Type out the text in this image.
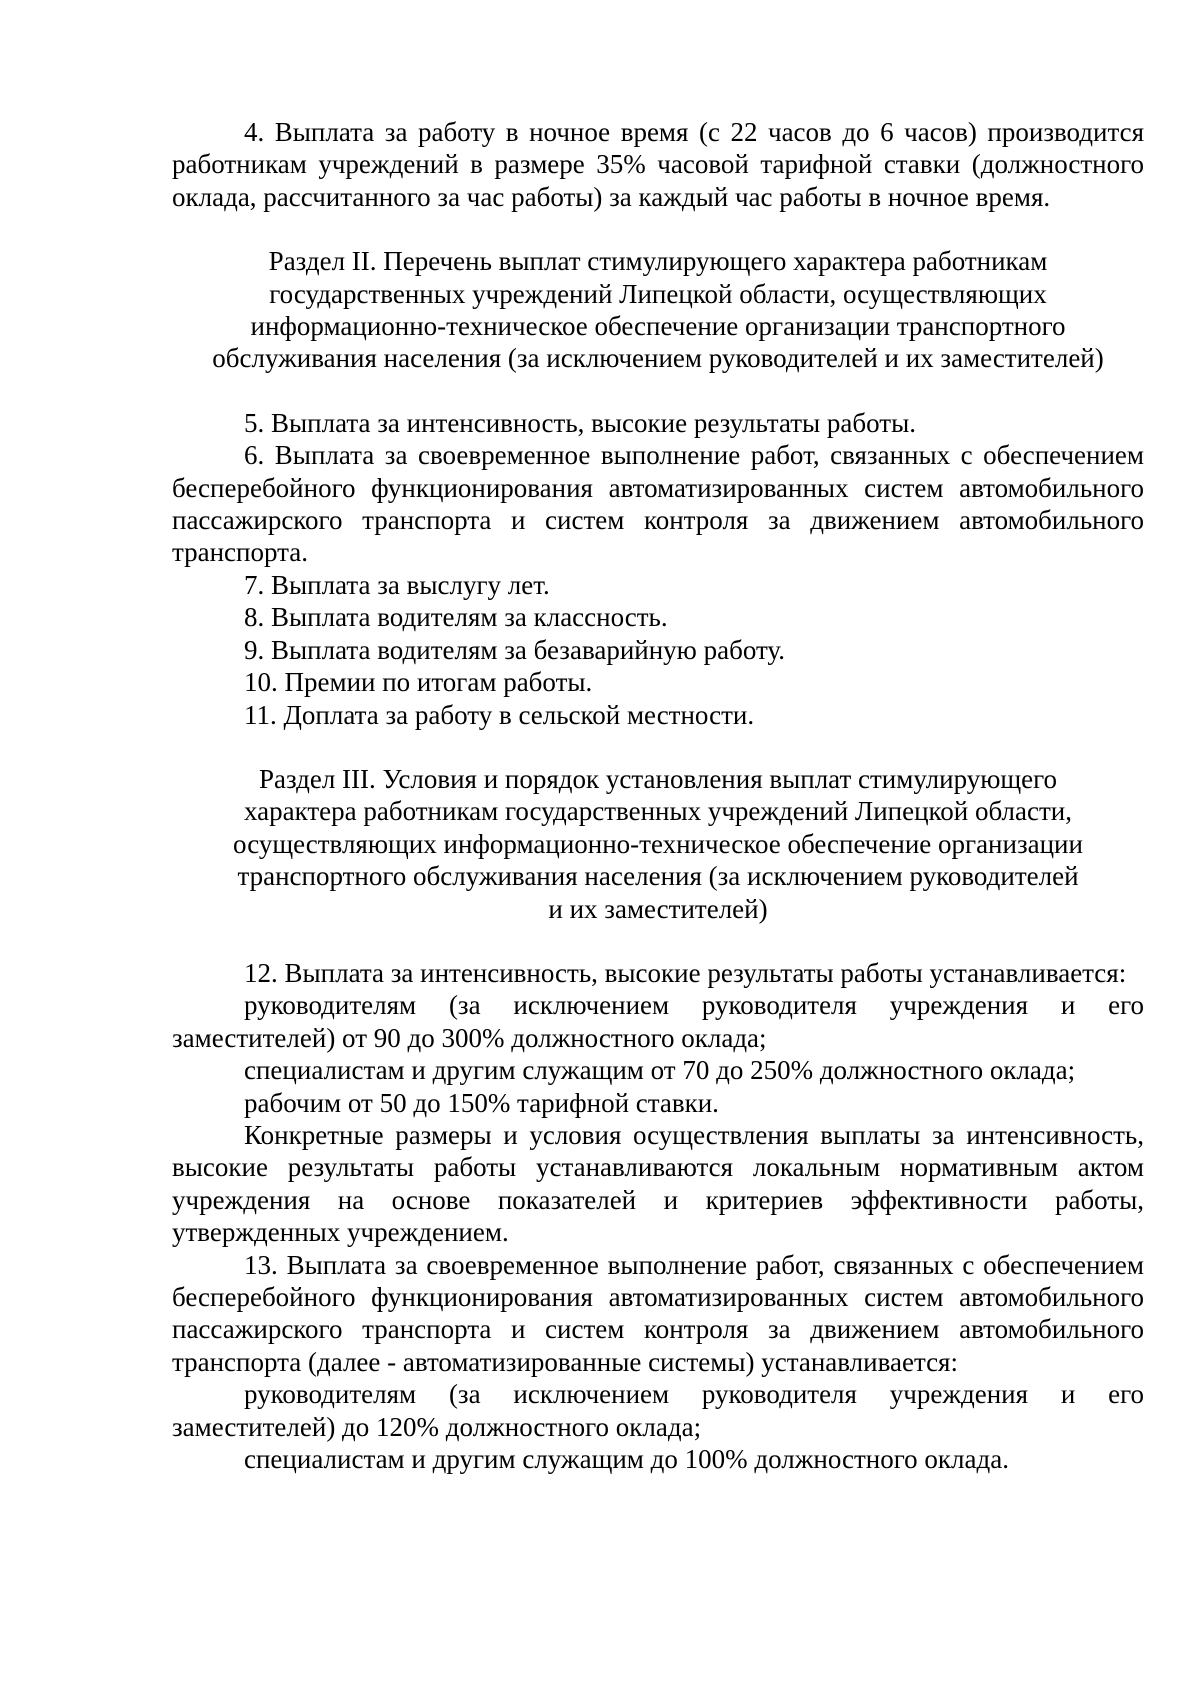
4. Выплата за работу в ночное время (с 22 часов до 6 часов) производится работникам учреждений в размере 35% часовой тарифной ставки (должностного оклада, рассчитанного за час работы) за каждый час работы в ночное время.

Раздел II. Перечень выплат стимулирующего характера работникам
государственных учреждений Липецкой области, осуществляющих
информационно-техническое обеспечение организации транспортного
обслуживания населения (за исключением руководителей и их заместителей)

5. Выплата за интенсивность, высокие результаты работы.

6. Выплата за своевременное выполнение работ, связанных с обеспечением бесперебойного функционирования автоматизированных систем автомобильного пассажирского транспорта и систем контроля за движением автомобильного транспорта.

7. Выплата за выслугу лет.

8. Выплата водителям за классность.

9. Выплата водителям за безаварийную работу.

10. Премии по итогам работы.

11. Доплата за работу в сельской местности.

Раздел III. Условия и порядок установления выплат стимулирующего
характера работникам государственных учреждений Липецкой области,
осуществляющих информационно-техническое обеспечение организации
транспортного обслуживания населения (за исключением руководителей
и их заместителей)

12. Выплата за интенсивность, высокие результаты работы устанавливается:

руководителям (за исключением руководителя учреждения и его заместителей) от 90 до 300% должностного оклада;

специалистам и другим служащим от 70 до 250% должностного оклада;

рабочим от 50 до 150% тарифной ставки.

Конкретные размеры и условия осуществления выплаты за интенсивность, высокие результаты работы устанавливаются локальным нормативным актом учреждения на основе показателей и критериев эффективности работы, утвержденных учреждением.

13. Выплата за своевременное выполнение работ, связанных с обеспечением бесперебойного функционирования автоматизированных систем автомобильного пассажирского транспорта и систем контроля за движением автомобильного транспорта (далее - автоматизированные системы) устанавливается:

руководителям (за исключением руководителя учреждения и его заместителей) до 120% должностного оклада;

специалистам и другим служащим до 100% должностного оклада.
